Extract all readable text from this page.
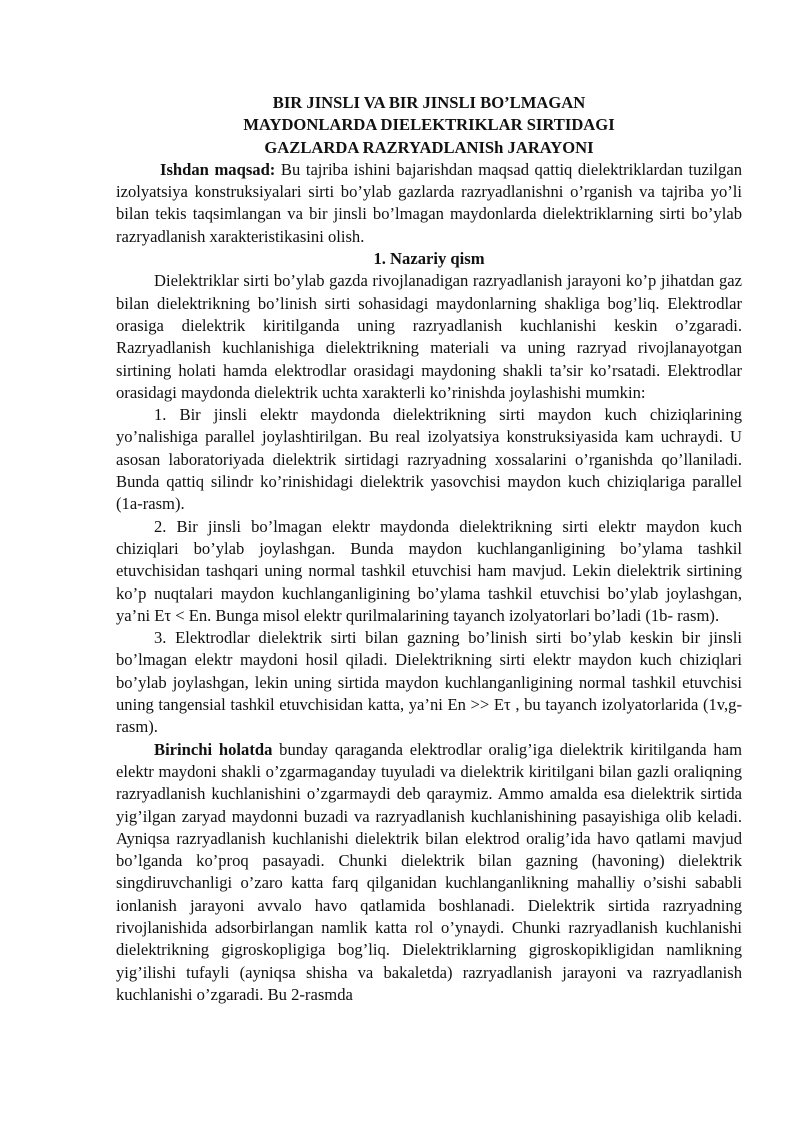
BIR JINSLI VA BIR JINSLI BO’LMAGAN
MAYDONLARDA DIELEKTRIKLAR SIRTIDAGI
GAZLARDA RAZRYADLANISh JARAYONI

Ishdan maqsad: Bu tajriba ishini bajarishdan maqsad qattiq dielektriklardan tuzilgan izolyatsiya konstruksiyalari sirti bo’ylab gazlarda razryadlanishni o’rganish va tajriba yo’li bilan tekis taqsimlangan va bir jinsli bo’lmagan maydonlarda dielektriklarning sirti bo’ylab razryadlanish xarakteristikasini olish.

1. Nazariy qism

Dielektriklar sirti bo’ylab gazda rivojlanadigan razryadlanish jarayoni ko’p jihatdan gaz bilan dielektrikning bo’linish sirti sohasidagi maydonlarning shakliga bog’liq. Elektrodlar orasiga dielektrik kiritilganda uning razryadlanish kuchlanishi keskin o’zgaradi. Razryadlanish kuchlanishiga dielektrikning materiali va uning razryad rivojlanayotgan sirtining holati hamda elektrodlar orasidagi maydoning shakli ta’sir ko’rsatadi. Elektrodlar orasidagi maydonda dielektrik uchta xarakterli ko’rinishda joylashishi mumkin:

1. Bir jinsli elektr maydonda dielektrikning sirti maydon kuch chiziqlarining yo’nalishiga parallel joylashtirilgan. Bu real izolyatsiya konstruksiyasida kam uchraydi. U asosan laboratoriyada dielektrik sirtidagi razryadning xossalarini o’rganishda qo’llaniladi. Bunda qattiq silindr ko’rinishidagi dielektrik yasovchisi maydon kuch chiziqlariga parallel (1a-rasm).

2. Bir jinsli bo’lmagan elektr maydonda dielektrikning sirti elektr maydon kuch chiziqlari bo’ylab joylashgan. Bunda maydon kuchlanganligining bo’ylama tashkil etuvchisidan tashqari uning normal tashkil etuvchisi ham mavjud. Lekin dielektrik sirtining ko’p nuqtalari maydon kuchlanganligining bo’ylama tashkil etuvchisi bo’ylab joylashgan, ya’ni Eτ < En. Bunga misol elektr qurilmalarining tayanch izolyatorlari bo’ladi (1b- rasm).

3. Elektrodlar dielektrik sirti bilan gazning bo’linish sirti bo’ylab keskin bir jinsli bo’lmagan elektr maydoni hosil qiladi. Dielektrikning sirti elektr maydon kuch chiziqlari bo’ylab joylashgan, lekin uning sirtida maydon kuchlanganligining normal tashkil etuvchisi uning tangensial tashkil etuvchisidan katta, ya’ni En >> Eτ , bu tayanch izolyatorlarida (1v,g-rasm).

Birinchi holatda bunday qaraganda elektrodlar oralig’iga dielektrik kiritilganda ham elektr maydoni shakli o’zgarmaganday tuyuladi va dielektrik kiritilgani bilan gazli oraliqning razryadlanish kuchlanishini o’zgarmaydi deb qaraymiz. Ammo amalda esa dielektrik sirtida yig’ilgan zaryad maydonni buzadi va razryadlanish kuchlanishining pasayishiga olib keladi. Ayniqsa razryadlanish kuchlanishi dielektrik bilan elektrod oralig’ida havo qatlami mavjud bo’lganda ko’proq pasayadi. Chunki dielektrik bilan gazning (havoning) dielektrik singdiruvchanligi o’zaro katta farq qilganidan kuchlanganlikning mahalliy o’sishi sababli ionlanish jarayoni avvalo havo qatlamida boshlanadi. Dielektrik sirtida razryadning rivojlanishida adsorbirlangan namlik katta rol o’ynaydi. Chunki razryadlanish kuchlanishi dielektrikning gigroskopligiga bog’liq. Dielektriklarning gigroskopikligidan namlikning yig’ilishi tufayli (ayniqsa shisha va bakaletda) razryadlanish jarayoni va razryadlanish kuchlanishi o’zgaradi. Bu 2-rasmda
